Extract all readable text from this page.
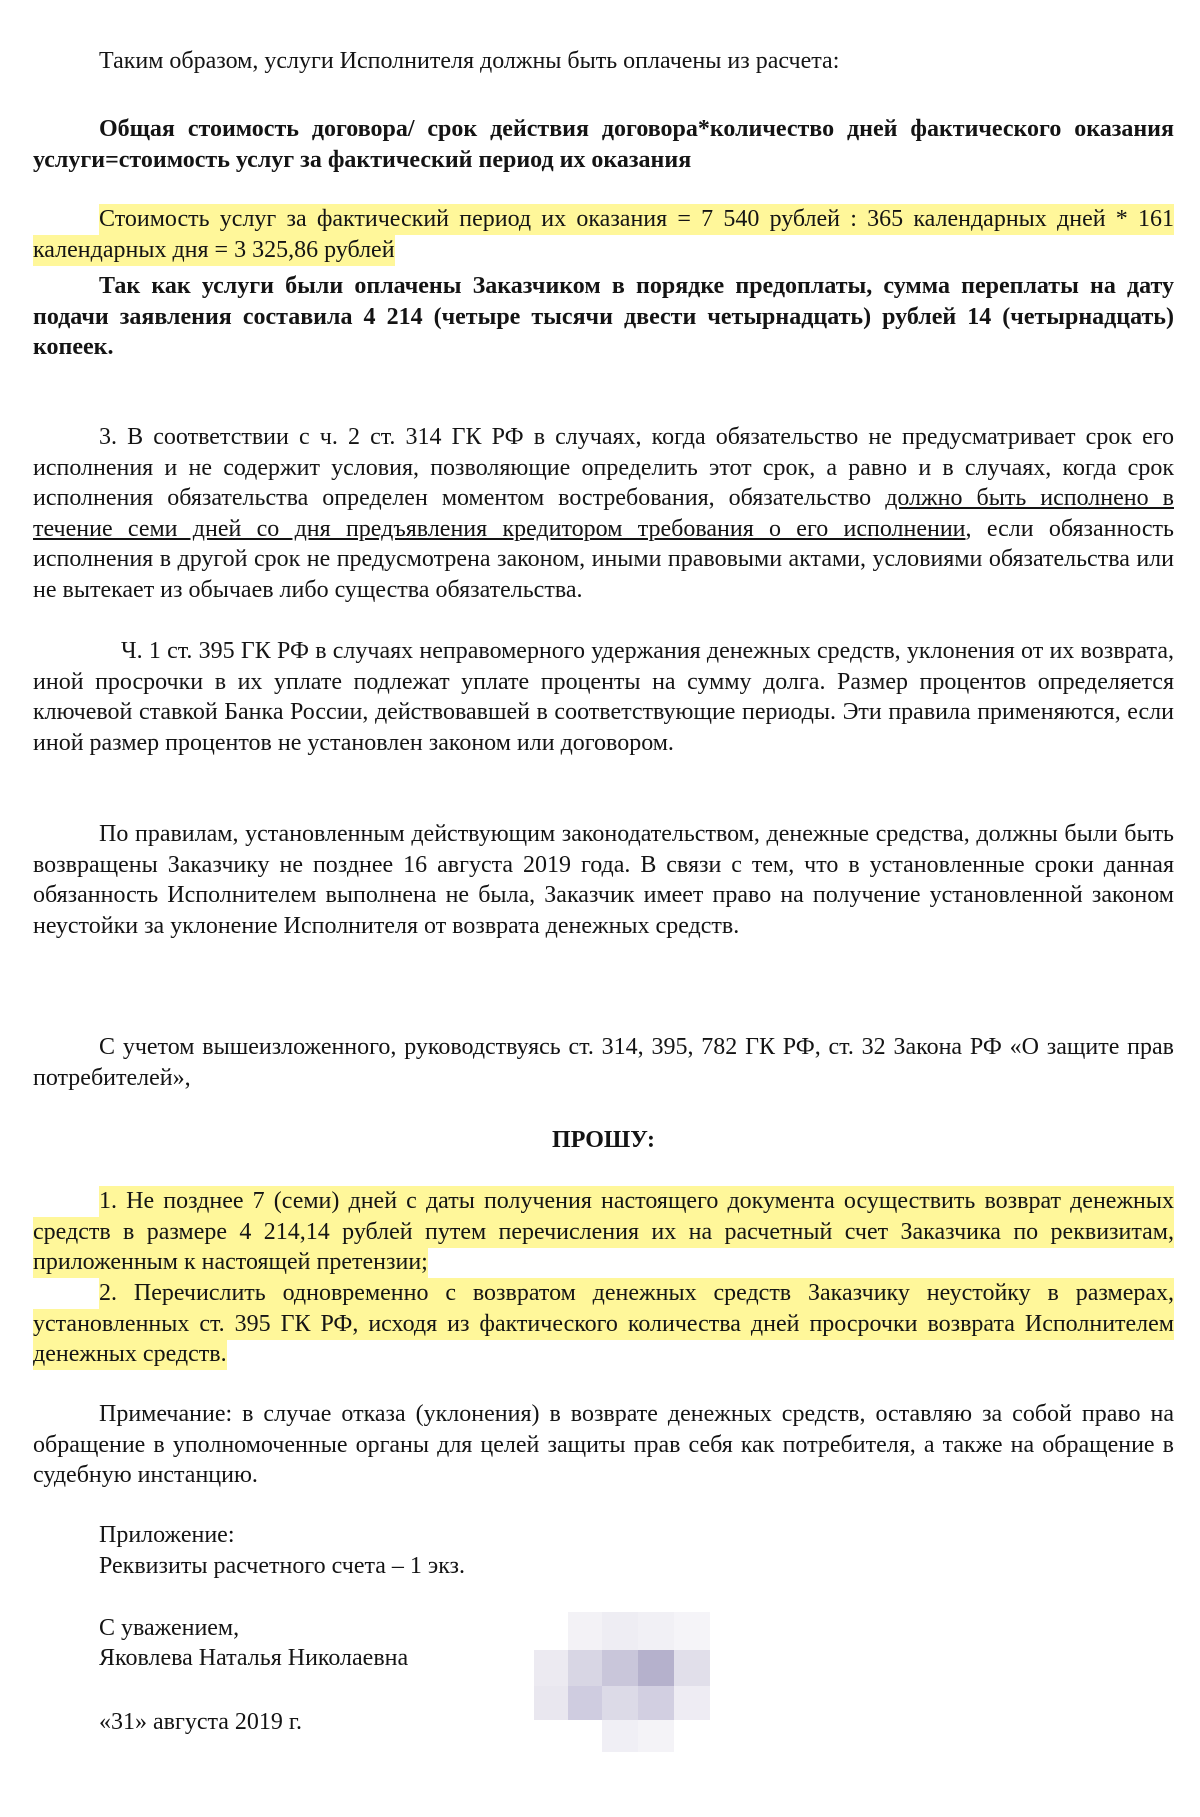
Таким образом, услуги Исполнителя должны быть оплачены из расчета:

Общая стоимость договора/ срок действия договора*количество дней фактического оказания услуги=стоимость услуг за фактический период их оказания

Стоимость услуг за фактический период их оказания = 7 540 рублей : 365 календарных дней * 161 календарных дня = 3 325,86 рублей

Так как услуги были оплачены Заказчиком в порядке предоплаты, сумма переплаты на дату подачи заявления составила 4 214 (четыре тысячи двести четырнадцать) рублей 14 (четырнадцать) копеек.

3. В соответствии с ч. 2 ст. 314 ГК РФ в случаях, когда обязательство не предусматривает срок его исполнения и не содержит условия, позволяющие определить этот срок, а равно и в случаях, когда срок исполнения обязательства определен моментом востребования, обязательство должно быть исполнено в течение семи дней со дня предъявления кредитором требования о его исполнении, если обязанность исполнения в другой срок не предусмотрена законом, иными правовыми актами, условиями обязательства или не вытекает из обычаев либо существа обязательства.

Ч. 1 ст. 395 ГК РФ в случаях неправомерного удержания денежных средств, уклонения от их возврата, иной просрочки в их уплате подлежат уплате проценты на сумму долга. Размер процентов определяется ключевой ставкой Банка России, действовавшей в соответствующие периоды. Эти правила применяются, если иной размер процентов не установлен законом или договором.

По правилам, установленным действующим законодательством, денежные средства, должны были быть возвращены Заказчику не позднее 16 августа 2019 года. В связи с тем, что в установленные сроки данная обязанность Исполнителем выполнена не была, Заказчик имеет право на получение установленной законом неустойки за уклонение Исполнителя от возврата денежных средств.

С учетом вышеизложенного, руководствуясь ст. 314, 395, 782 ГК РФ, ст. 32 Закона РФ «О защите прав потребителей»,

ПРОШУ:

1. Не позднее 7 (семи) дней с даты получения настоящего документа осуществить возврат денежных средств в размере 4 214,14 рублей путем перечисления их на расчетный счет Заказчика по реквизитам, приложенным к настоящей претензии;

2. Перечислить одновременно с возвратом денежных средств Заказчику неустойку в размерах, установленных ст. 395 ГК РФ, исходя из фактического количества дней просрочки возврата Исполнителем денежных средств.

Примечание: в случае отказа (уклонения) в возврате денежных средств, оставляю за собой право на обращение в уполномоченные органы для целей защиты прав себя как потребителя, а также на обращение в судебную инстанцию.

Приложение:

Реквизиты расчетного счета – 1 экз.

С уважением,

Яковлева Наталья Николаевна

«31» августа 2019 г.
